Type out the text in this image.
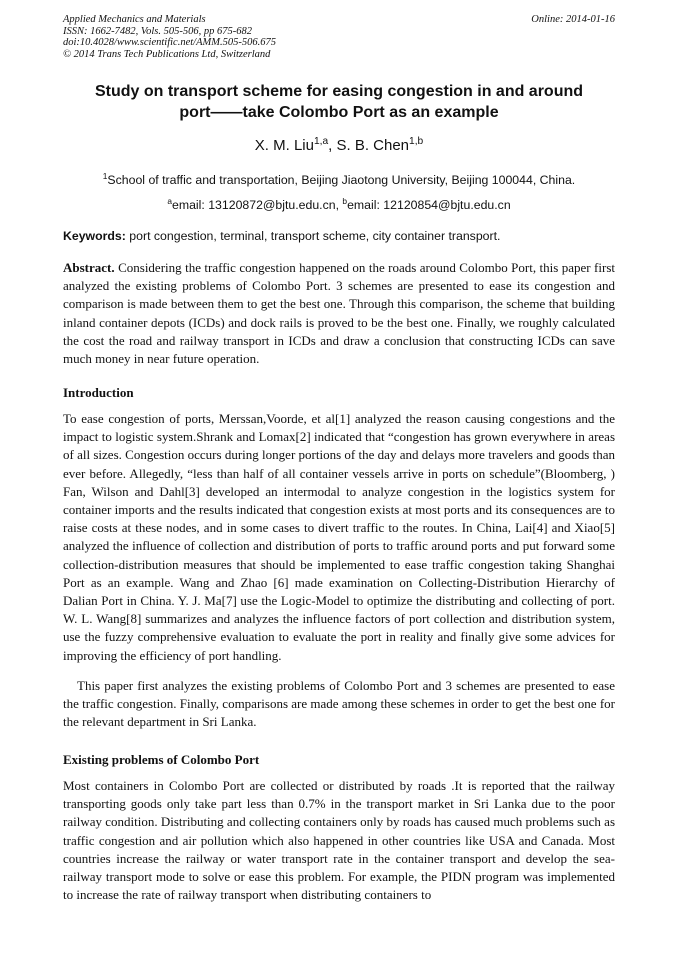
Applied Mechanics and Materials
ISSN: 1662-7482, Vols. 505-506, pp 675-682
doi:10.4028/www.scientific.net/AMM.505-506.675
© 2014 Trans Tech Publications Ltd, Switzerland
Online: 2014-01-16
Study on transport scheme for easing congestion in and around
port——take Colombo Port as an example
X. M. Liu$^{1,a}$, S. B. Chen$^{1,b}$
$^1$School of traffic and transportation, Beijing Jiaotong University, Beijing 100044, China.
$^a$email: 13120872@bjtu.edu.cn, $^b$email: 12120854@bjtu.edu.cn
Keywords: port congestion, terminal, transport scheme, city container transport.
Abstract. Considering the traffic congestion happened on the roads around Colombo Port, this paper first analyzed the existing problems of Colombo Port. 3 schemes are presented to ease its congestion and comparison is made between them to get the best one. Through this comparison, the scheme that building inland container depots (ICDs) and dock rails is proved to be the best one. Finally, we roughly calculated the cost the road and railway transport in ICDs and draw a conclusion that constructing ICDs can save much money in near future operation.
Introduction
To ease congestion of ports, Merssan,Voorde, et al[1] analyzed the reason causing congestions and the impact to logistic system.Shrank and Lomax[2] indicated that “congestion has grown everywhere in areas of all sizes. Congestion occurs during longer portions of the day and delays more travelers and goods than ever before. Allegedly, “less than half of all container vessels arrive in ports on schedule”(Bloomberg, ) Fan, Wilson and Dahl[3] developed an intermodal to analyze congestion in the logistics system for container imports and the results indicated that congestion exists at most ports and its consequences are to raise costs at these nodes, and in some cases to divert traffic to the routes. In China, Lai[4] and Xiao[5] analyzed the influence of collection and distribution of ports to traffic around ports and put forward some collection-distribution measures that should be implemented to ease traffic congestion taking Shanghai Port as an example. Wang and Zhao [6] made examination on Collecting-Distribution Hierarchy of Dalian Port in China. Y. J. Ma[7] use the Logic-Model to optimize the distributing and collecting of port. W. L. Wang[8] summarizes and analyzes the influence factors of port collection and distribution system, use the fuzzy comprehensive evaluation to evaluate the port in reality and finally give some advices for improving the efficiency of port handling.
This paper first analyzes the existing problems of Colombo Port and 3 schemes are presented to ease the traffic congestion. Finally, comparisons are made among these schemes in order to get the best one for the relevant department in Sri Lanka.
Existing problems of Colombo Port
Most containers in Colombo Port are collected or distributed by roads .It is reported that the railway transporting goods only take part less than 0.7% in the transport market in Sri Lanka due to the poor railway condition. Distributing and collecting containers only by roads has caused much problems such as traffic congestion and air pollution which also happened in other countries like USA and Canada. Most countries increase the railway or water transport rate in the container transport and develop the sea-railway transport mode to solve or ease this problem. For example, the PIDN program was implemented to increase the rate of railway transport when distributing containers to
